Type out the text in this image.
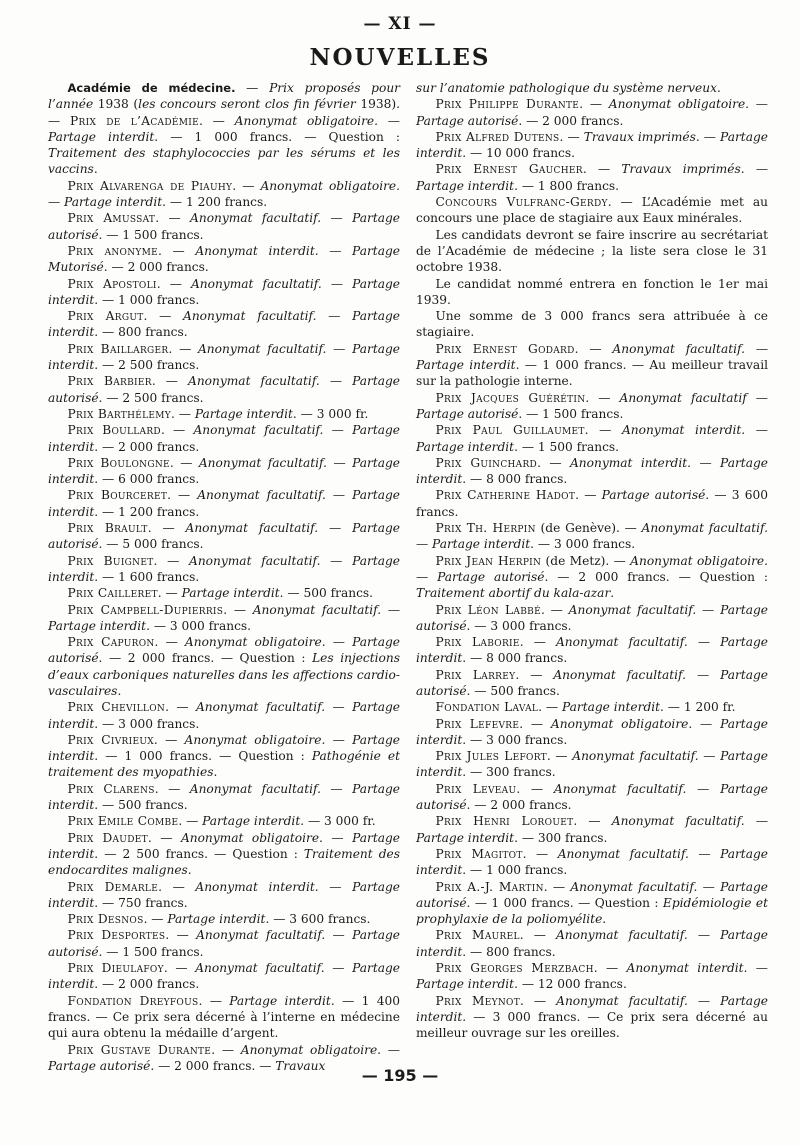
— XI —
NOUVELLES

Académie de médecine. — Prix proposés pour l’année 1938 (les concours seront clos fin février 1938). — Prix de l’Académie. — Anonymat obligatoire. — Partage interdit. — 1 000 francs. — Question : Traitement des staphylococcies par les sérums et les vaccins.

Prix Alvarenga de Piauhy. — Anonymat obligatoire. — Partage interdit. — 1 200 francs.

Prix Amussat. — Anonymat facultatif. — Partage autorisé. — 1 500 francs.

Prix anonyme. — Anonymat interdit. — Partage Mutorisé. — 2 000 francs.

Prix Apostoli. — Anonymat facultatif. — Partage interdit. — 1 000 francs.

Prix Argut. — Anonymat facultatif. — Partage interdit. — 800 francs.

Prix Baillarger. — Anonymat facultatif. — Partage interdit. — 2 500 francs.

Prix Barbier. — Anonymat facultatif. — Partage autorisé. — 2 500 francs.

Prix Barthélemy. — Partage interdit. — 3 000 fr.

Prix Boullard. — Anonymat facultatif. — Partage interdit. — 2 000 francs.

Prix Boulongne. — Anonymat facultatif. — Partage interdit. — 6 000 francs.

Prix Bourceret. — Anonymat facultatif. — Partage interdit. — 1 200 francs.

Prix Brault. — Anonymat facultatif. — Partage autorisé. — 5 000 francs.

Prix Buignet. — Anonymat facultatif. — Partage interdit. — 1 600 francs.

Prix Cailleret. — Partage interdit. — 500 francs.

Prix Campbell-Dupierris. — Anonymat facultatif. — Partage interdit. — 3 000 francs.

Prix Capuron. — Anonymat obligatoire. — Partage autorisé. — 2 000 francs. — Question : Les injections d’eaux carboniques naturelles dans les affections cardio-vasculaires.

Prix Chevillon. — Anonymat facultatif. — Partage interdit. — 3 000 francs.

Prix Civrieux. — Anonymat obligatoire. — Partage interdit. — 1 000 francs. — Question : Pathogénie et traitement des myopathies.

Prix Clarens. — Anonymat facultatif. — Partage interdit. — 500 francs.

Prix Emile Combe. — Partage interdit. — 3 000 fr.

Prix Daudet. — Anonymat obligatoire. — Partage interdit. — 2 500 francs. — Question : Traitement des endocardites malignes.

Prix Demarle. — Anonymat interdit. — Partage interdit. — 750 francs.

Prix Desnos. — Partage interdit. — 3 600 francs.

Prix Desportes. — Anonymat facultatif. — Partage autorisé. — 1 500 francs.

Prix Dieulafoy. — Anonymat facultatif. — Partage interdit. — 2 000 francs.

Fondation Dreyfous. — Partage interdit. — 1 400 francs. — Ce prix sera décerné à l’interne en médecine qui aura obtenu la médaille d’argent.

Prix Gustave Durante. — Anonymat obligatoire. — Partage autorisé. — 2 000 francs. — Travaux

sur l’anatomie pathologique du système nerveux.

Prix Philippe Durante. — Anonymat obligatoire. — Partage autorisé. — 2 000 francs.

Prix Alfred Dutens. — Travaux imprimés. — Partage interdit. — 10 000 francs.

Prix Ernest Gaucher. — Travaux imprimés. — Partage interdit. — 1 800 francs.

Concours Vulfranc-Gerdy. — L’Académie met au concours une place de stagiaire aux Eaux minérales.

Les candidats devront se faire inscrire au secrétariat de l’Académie de médecine ; la liste sera close le 31 octobre 1938.

Le candidat nommé entrera en fonction le 1er mai 1939.

Une somme de 3 000 francs sera attribuée à ce stagiaire.

Prix Ernest Godard. — Anonymat facultatif. — Partage interdit. — 1 000 francs. — Au meilleur travail sur la pathologie interne.

Prix Jacques Guérétin. — Anonymat facultatif — Partage autorisé. — 1 500 francs.

Prix Paul Guillaumet. — Anonymat interdit. — Partage interdit. — 1 500 francs.

Prix Guinchard. — Anonymat interdit. — Partage interdit. — 8 000 francs.

Prix Catherine Hadot. — Partage autorisé. — 3 600 francs.

Prix Th. Herpin (de Genève). — Anonymat facultatif. — Partage interdit. — 3 000 francs.

Prix Jean Herpin (de Metz). — Anonymat obligatoire. — Partage autorisé. — 2 000 francs. — Question : Traitement abortif du kala-azar.

Prix Léon Labbé. — Anonymat facultatif. — Partage autorisé. — 3 000 francs.

Prix Laborie. — Anonymat facultatif. — Partage interdit. — 8 000 francs.

Prix Larrey. — Anonymat facultatif. — Partage autorisé. — 500 francs.

Fondation Laval. — Partage interdit. — 1 200 fr.

Prix Lefevre. — Anonymat obligatoire. — Partage interdit. — 3 000 francs.

Prix Jules Lefort. — Anonymat facultatif. — Partage interdit. — 300 francs.

Prix Leveau. — Anonymat facultatif. — Partage autorisé. — 2 000 francs.

Prix Henri Lorouet. — Anonymat facultatif. — Partage interdit. — 300 francs.

Prix Magitot. — Anonymat facultatif. — Partage interdit. — 1 000 francs.

Prix A.-J. Martin. — Anonymat facultatif. — Partage autorisé. — 1 000 francs. — Question : Epidémiologie et prophylaxie de la poliomyélite.

Prix Maurel. — Anonymat facultatif. — Partage interdit. — 800 francs.

Prix Georges Merzbach. — Anonymat interdit. — Partage interdit. — 12 000 francs.

Prix Meynot. — Anonymat facultatif. — Partage interdit. — 3 000 francs. — Ce prix sera décerné au meilleur ouvrage sur les oreilles.

— 195 —
